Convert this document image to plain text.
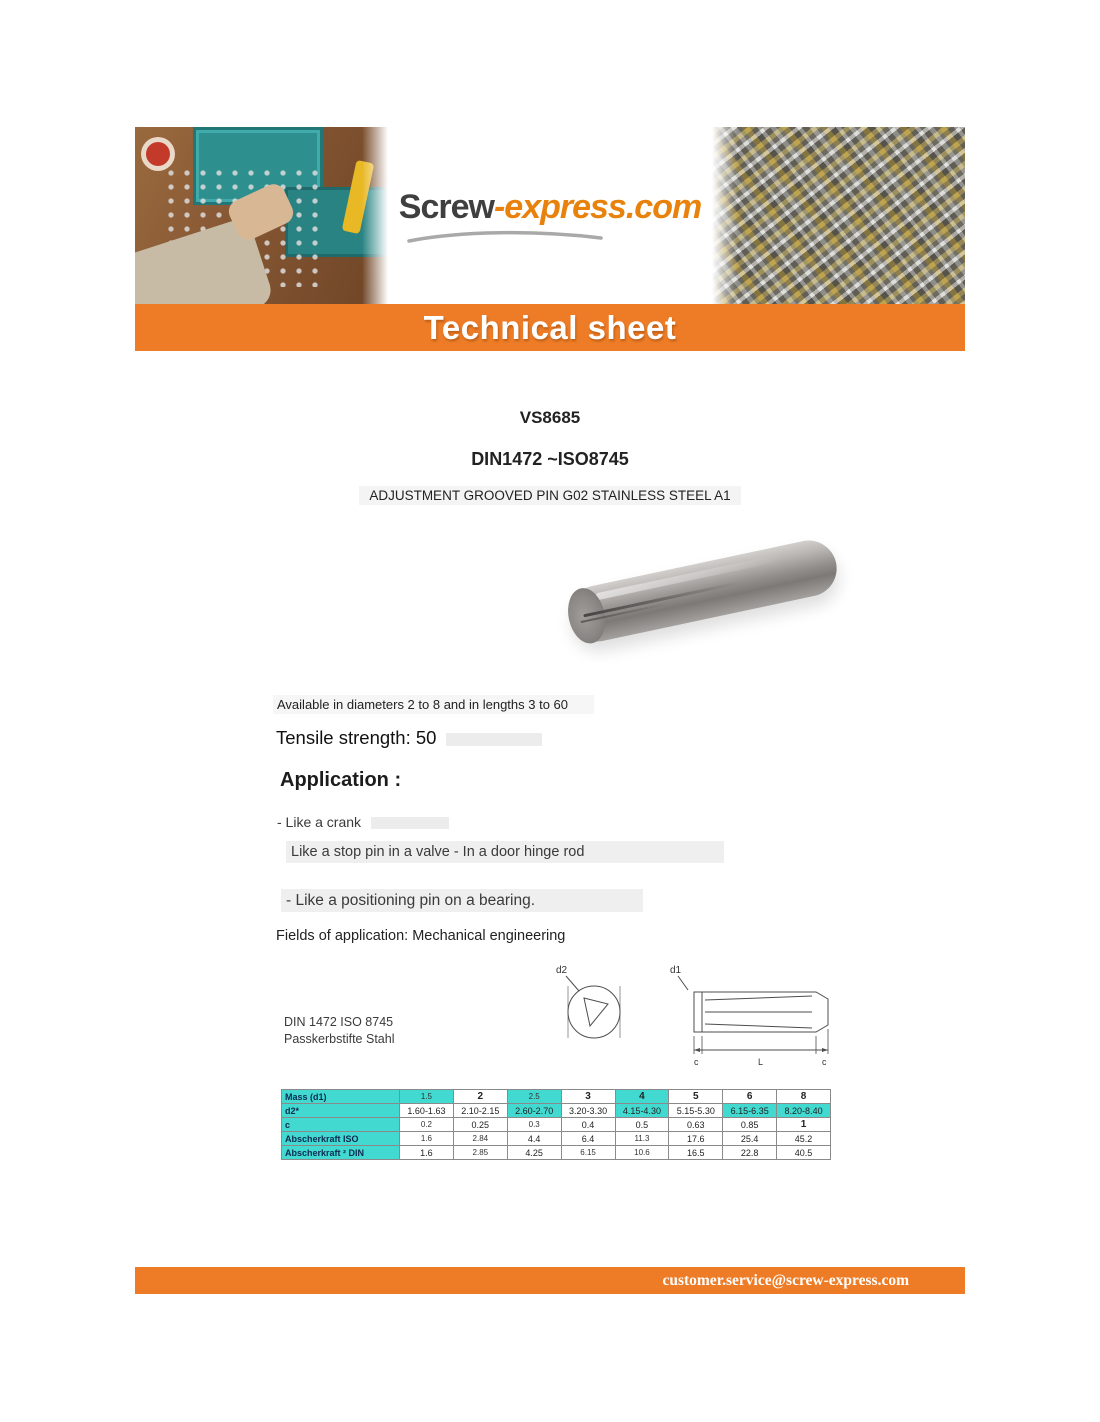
Screw-express.com
Technical sheet
VS8685
DIN1472 ~ISO8745
ADJUSTMENT GROOVED PIN G02 STAINLESS STEEL A1
Available in diameters 2 to 8 and in lengths 3 to 60
Tensile strength: 50
Application :
- Like a crank
Like a stop pin in a valve - In a door hinge rod
- Like a positioning pin on a bearing.
Fields of application: Mechanical engineering
DIN 1472 ISO 8745
Passkerbstifte Stahl
d2	d1
c	L	c
Mass (d1)	1.5	2	2.5	3	4	5	6	8
d2*	1.60-1.63	2.10-2.15	2.60-2.70	3.20-3.30	4.15-4.30	5.15-5.30	6.15-6.35	8.20-8.40
c	0.2	0.25	0.3	0.4	0.5	0.63	0.85	1
Abscherkraft ISO	1.6	2.84	4.4	6.4	11.3	17.6	25.4	45.2
Abscherkraft ² DIN	1.6	2.85	4.25	6.15	10.6	16.5	22.8	40.5
customer.service@screw-express.com
